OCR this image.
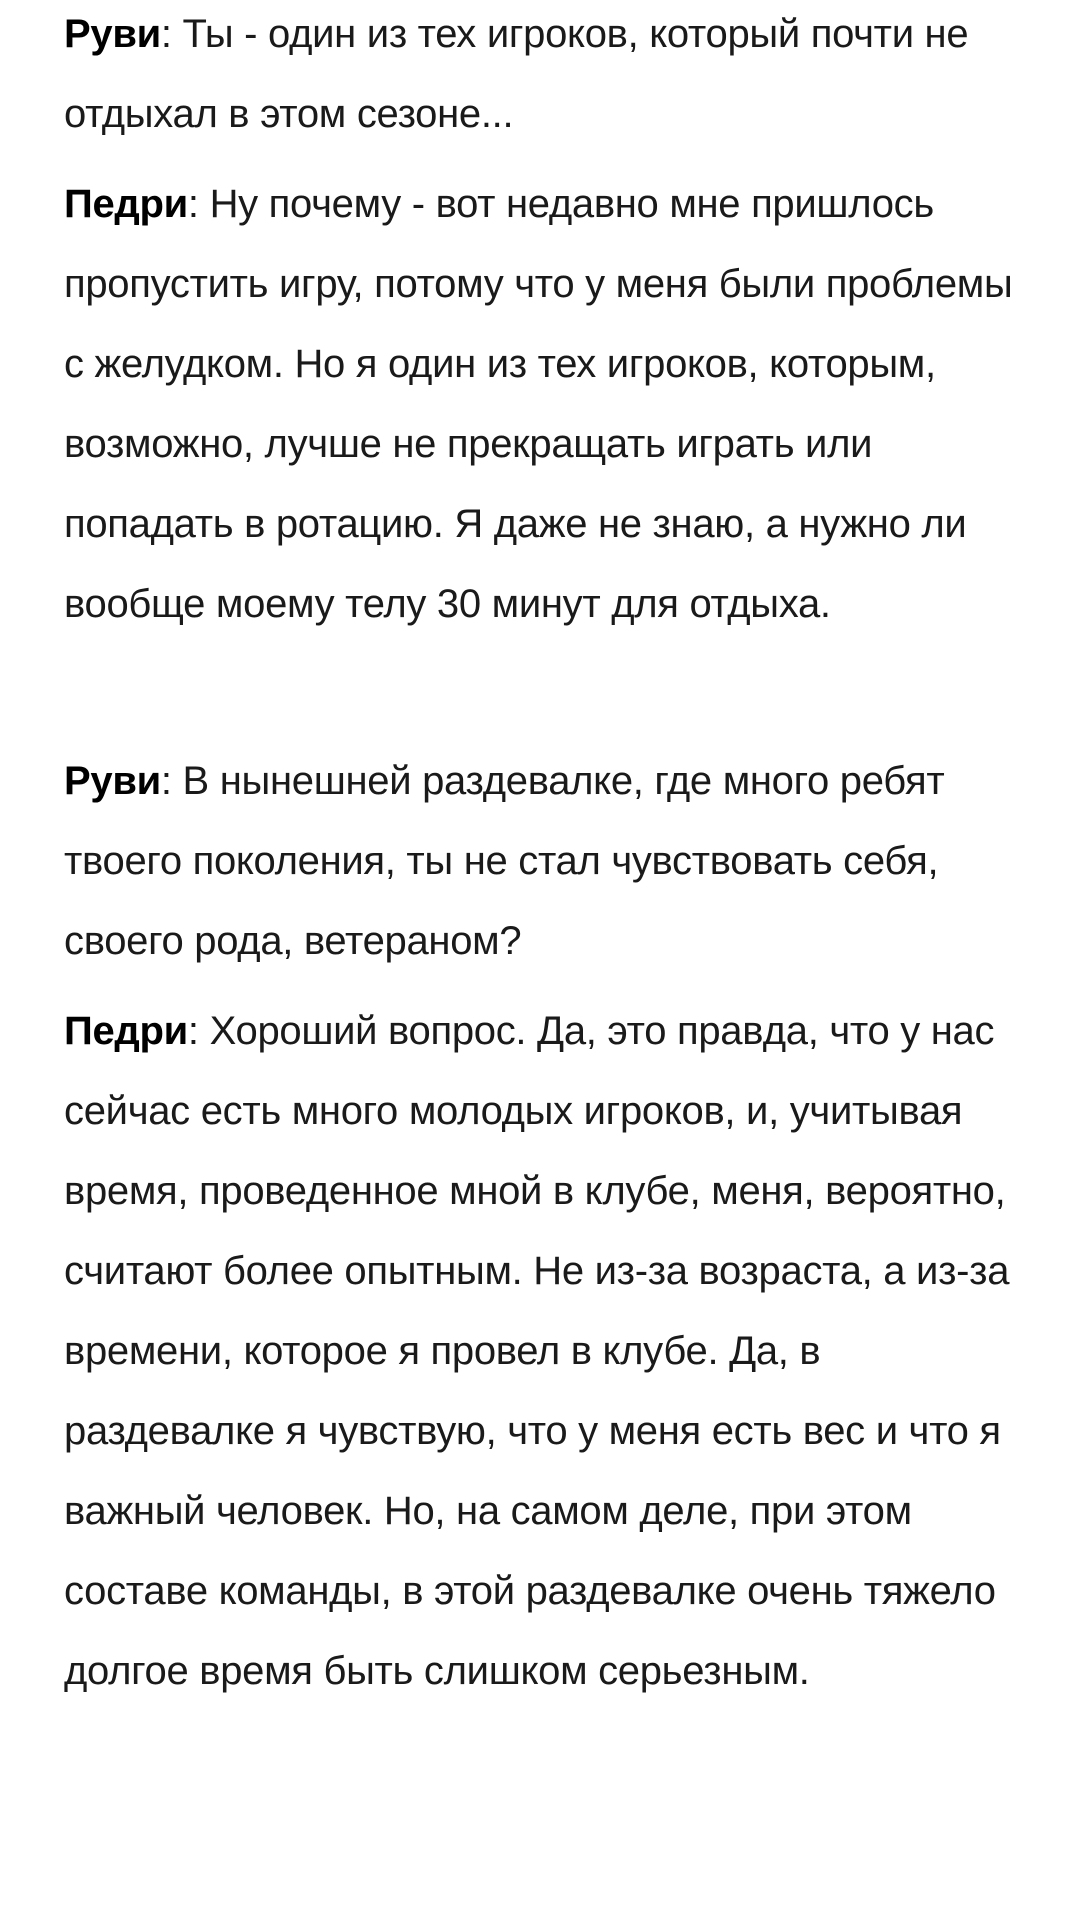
Руви: Ты - один из тех игроков, который почти не отдыхал в этом сезоне...

Педри: Ну почему - вот недавно мне пришлось пропустить игру, потому что у меня были проблемы с желудком. Но я один из тех игроков, которым, возможно, лучше не прекращать играть или попадать в ротацию. Я даже не знаю, а нужно ли вообще моему телу 30 минут для отдыха.

Руви: В нынешней раздевалке, где много ребят твоего поколения, ты не стал чувствовать себя, своего рода, ветераном?

Педри: Хороший вопрос. Да, это правда, что у нас сейчас есть много молодых игроков, и, учитывая время, проведенное мной в клубе, меня, вероятно, считают более опытным. Не из-за возраста, а из-за времени, которое я провел в клубе. Да, в раздевалке я чувствую, что у меня есть вес и что я важный человек. Но, на самом деле, при этом составе команды, в этой раздевалке очень тяжело долгое время быть слишком серьезным.
